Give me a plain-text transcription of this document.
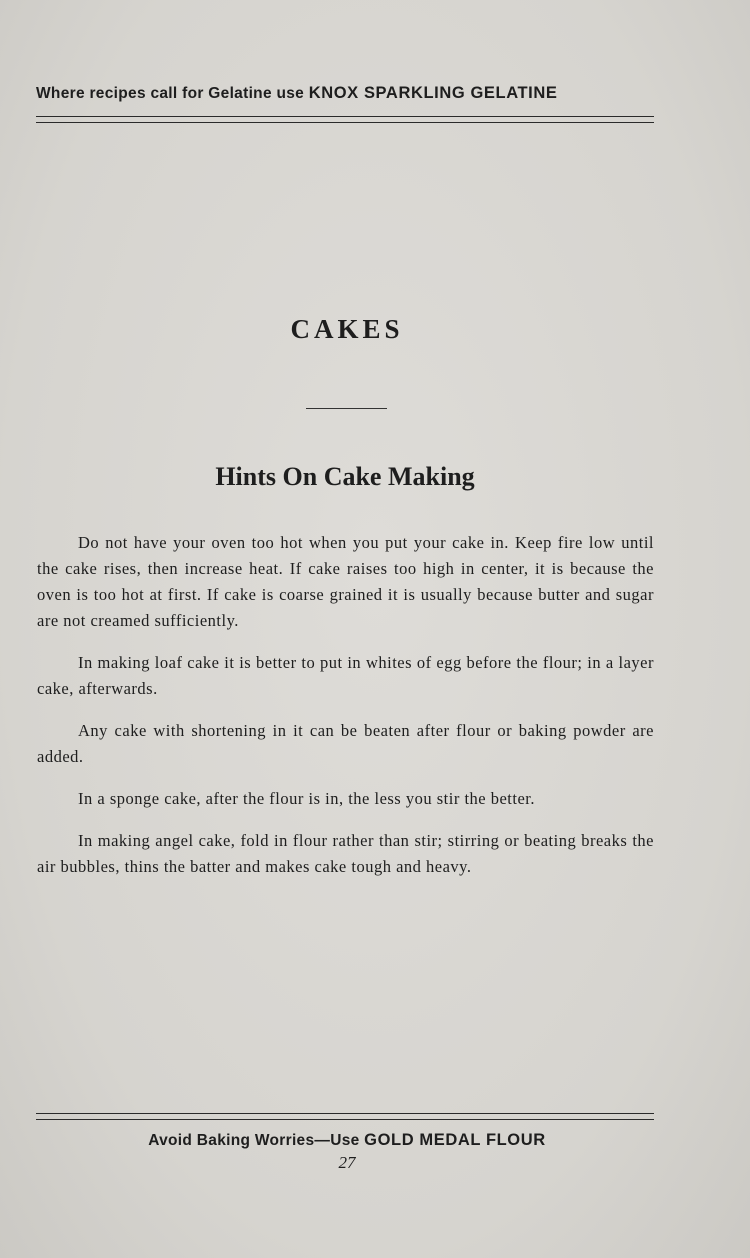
Where recipes call for Gelatine use KNOX SPARKLING GELATINE
CAKES
Hints On Cake Making

Do not have your oven too hot when you put your cake in. Keep fire low until the cake rises, then increase heat. If cake raises too high in center, it is because the oven is too hot at first. If cake is coarse grained it is usually because butter and sugar are not creamed sufficiently.

In making loaf cake it is better to put in whites of egg before the flour; in a layer cake, afterwards.

Any cake with shortening in it can be beaten after flour or baking powder are added.

In a sponge cake, after the flour is in, the less you stir the better.

In making angel cake, fold in flour rather than stir; stirring or beating breaks the air bubbles, thins the batter and makes cake tough and heavy.

Avoid Baking Worries—Use GOLD MEDAL FLOUR
27
